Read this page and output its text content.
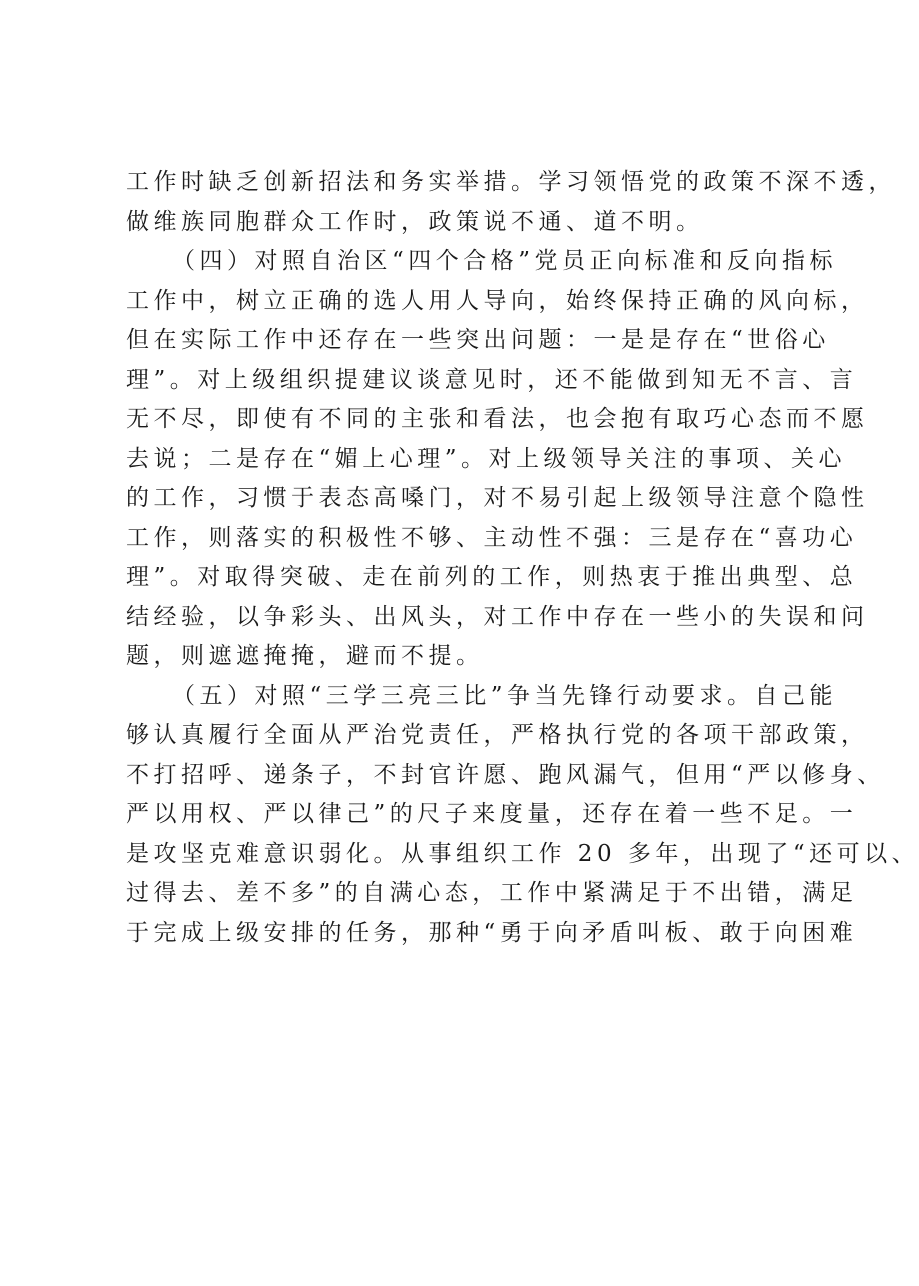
工作时缺乏创新招法和务实举措。学习领悟党的政策不深不透，
做维族同胞群众工作时，政策说不通、道不明。
（四）对照自治区“四个合格”党员正向标准和反向指标
工作中，树立正确的选人用人导向，始终保持正确的风向标，
但在实际工作中还存在一些突出问题：一是是存在“世俗心
理”。对上级组织提建议谈意见时，还不能做到知无不言、言
无不尽，即使有不同的主张和看法，也会抱有取巧心态而不愿
去说；二是存在“媚上心理”。对上级领导关注的事项、关心
的工作，习惯于表态高嗓门，对不易引起上级领导注意个隐性
工作，则落实的积极性不够、主动性不强：三是存在“喜功心
理”。对取得突破、走在前列的工作，则热衷于推出典型、总
结经验，以争彩头、出风头，对工作中存在一些小的失误和问
题，则遮遮掩掩，避而不提。
（五）对照“三学三亮三比”争当先锋行动要求。自己能
够认真履行全面从严治党责任，严格执行党的各项干部政策，
不打招呼、递条子，不封官许愿、跑风漏气，但用“严以修身、
严以用权、严以律己”的尺子来度量，还存在着一些不足。一
是攻坚克难意识弱化。从事组织工作 20 多年，出现了“还可以、
过得去、差不多”的自满心态，工作中紧满足于不出错，满足
于完成上级安排的任务，那种“勇于向矛盾叫板、敢于向困难
